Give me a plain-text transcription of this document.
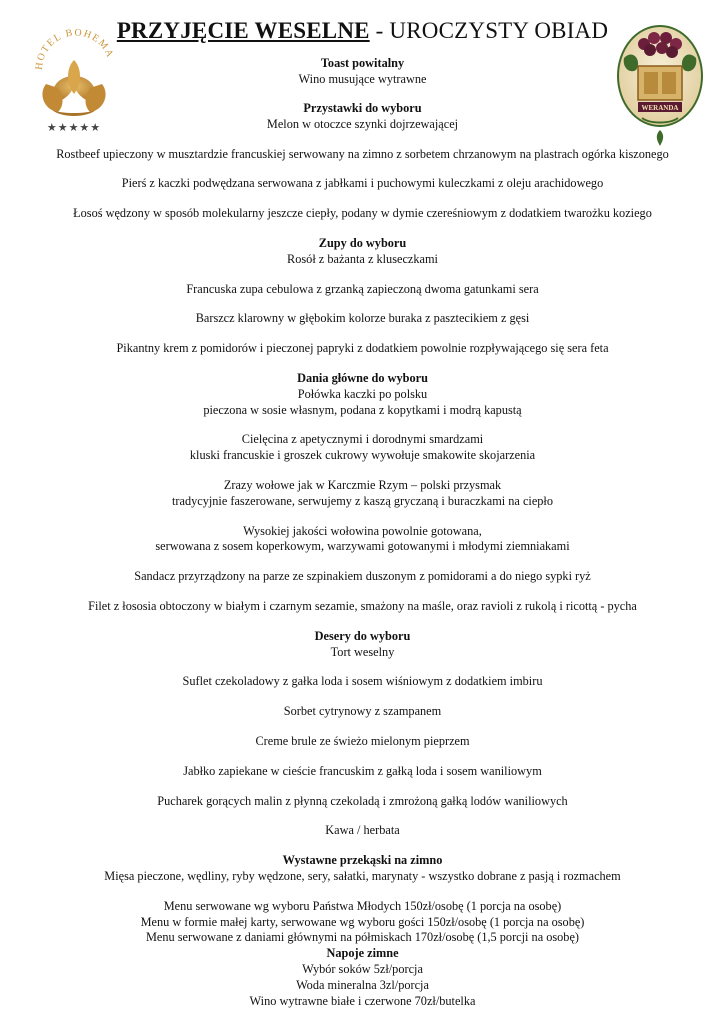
HOTEL BOHEMA
★★★★★
PRZYJĘCIE WESELNE - UROCZYSTY OBIAD
WERANDA

Toast powitalny

Wino musujące wytrawne

Przystawki do wyboru

Melon w otoczce szynki dojrzewającej

Rostbeef upieczony w musztardzie francuskiej serwowany na zimno z sorbetem chrzanowym na plastrach ogórka kiszonego

Pierś z kaczki podwędzana serwowana z jabłkami i puchowymi kuleczkami z oleju arachidowego

Łosoś wędzony w sposób molekularny jeszcze ciepły, podany w dymie czereśniowym z dodatkiem twarożku koziego

Zupy do wyboru

Rosół z bażanta z kluseczkami

Francuska zupa cebulowa z grzanką zapieczoną dwoma gatunkami sera

Barszcz klarowny w głębokim kolorze buraka z pasztecikiem z gęsi

Pikantny krem z pomidorów i pieczonej papryki z dodatkiem powolnie rozpływającego się sera feta

Dania główne do wyboru

Połówka kaczki po polsku

pieczona w sosie własnym, podana z kopytkami i modrą kapustą

Cielęcina z apetycznymi i dorodnymi smardzami

kluski francuskie i groszek cukrowy wywołuje smakowite skojarzenia

Zrazy wołowe jak w Karczmie Rzym – polski przysmak

tradycyjnie faszerowane, serwujemy z kaszą gryczaną i buraczkami na ciepło

Wysokiej jakości wołowina powolnie gotowana,

serwowana z sosem koperkowym, warzywami gotowanymi i młodymi ziemniakami

Sandacz przyrządzony na parze ze szpinakiem duszonym z pomidorami a do niego sypki ryż

Filet z łososia obtoczony w białym i czarnym sezamie, smażony na maśle, oraz ravioli z rukolą i ricottą - pycha

Desery do wyboru

Tort weselny

Suflet czekoladowy z gałka loda i sosem wiśniowym z dodatkiem imbiru

Sorbet cytrynowy z szampanem

Creme brule ze świeżo mielonym pieprzem

Jabłko zapiekane w cieście francuskim z gałką loda i sosem waniliowym

Pucharek gorących malin z płynną czekoladą i zmrożoną gałką lodów waniliowych

Kawa / herbata

Wystawne przekąski na zimno

Mięsa pieczone, wędliny, ryby wędzone, sery, sałatki, marynaty - wszystko dobrane z pasją i rozmachem

Menu serwowane wg wyboru Państwa Młodych 150zł/osobę (1 porcja na osobę)

Menu w formie małej karty, serwowane wg wyboru gości 150zł/osobę (1 porcja na osobę)

Menu serwowane z daniami głównymi na półmiskach 170zł/osobę (1,5 porcji na osobę)

Napoje zimne

Wybór soków 5zł/porcja

Woda mineralna 3zl/porcja

Wino wytrawne białe i czerwone 70zł/butelka
